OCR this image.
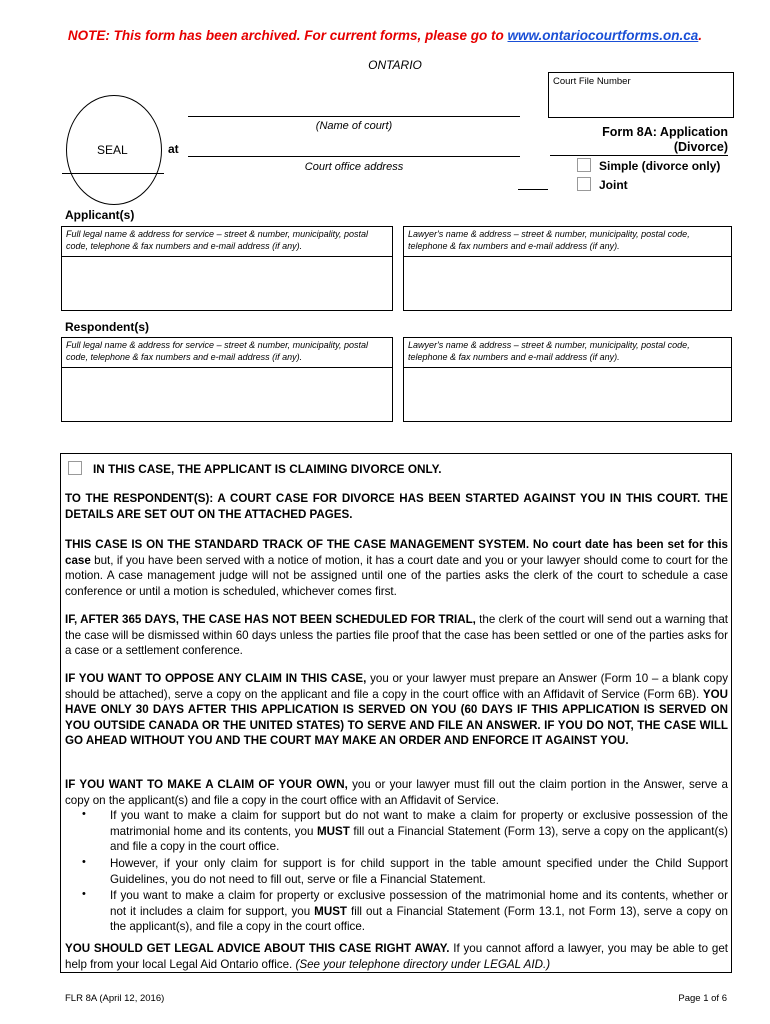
NOTE: This form has been archived. For current forms, please go to www.ontariocourtforms.on.ca.
ONTARIO
Court File Number
SEAL	at
(Name of court)
Court office address
Form 8A: Application
(Divorce)
Simple (divorce only)
Joint
Applicant(s)
Full legal name & address for service – street & number, municipality, postal code, telephone & fax numbers and e-mail address (if any).
Lawyer's name & address – street & number, municipality, postal code, telephone & fax numbers and e-mail address (if any).
Respondent(s)
Full legal name & address for service – street & number, municipality, postal code, telephone & fax numbers and e-mail address (if any).
Lawyer's name & address – street & number, municipality, postal code, telephone & fax numbers and e-mail address (if any).
IN THIS CASE, THE APPLICANT IS CLAIMING DIVORCE ONLY.
TO THE RESPONDENT(S): A COURT CASE FOR DIVORCE HAS BEEN STARTED AGAINST YOU IN THIS COURT. THE DETAILS ARE SET OUT ON THE ATTACHED PAGES.
THIS CASE IS ON THE STANDARD TRACK OF THE CASE MANAGEMENT SYSTEM. No court date has been set for this case but, if you have been served with a notice of motion, it has a court date and you or your lawyer should come to court for the motion. A case management judge will not be assigned until one of the parties asks the clerk of the court to schedule a case conference or until a motion is scheduled, whichever comes first.
IF, AFTER 365 DAYS, THE CASE HAS NOT BEEN SCHEDULED FOR TRIAL, the clerk of the court will send out a warning that the case will be dismissed within 60 days unless the parties file proof that the case has been settled or one of the parties asks for a case or a settlement conference.
IF YOU WANT TO OPPOSE ANY CLAIM IN THIS CASE, you or your lawyer must prepare an Answer (Form 10 – a blank copy should be attached), serve a copy on the applicant and file a copy in the court office with an Affidavit of Service (Form 6B). YOU HAVE ONLY 30 DAYS AFTER THIS APPLICATION IS SERVED ON YOU (60 DAYS IF THIS APPLICATION IS SERVED ON YOU OUTSIDE CANADA OR THE UNITED STATES) TO SERVE AND FILE AN ANSWER. IF YOU DO NOT, THE CASE WILL GO AHEAD WITHOUT YOU AND THE COURT MAY MAKE AN ORDER AND ENFORCE IT AGAINST YOU.
IF YOU WANT TO MAKE A CLAIM OF YOUR OWN, you or your lawyer must fill out the claim portion in the Answer, serve a copy on the applicant(s) and file a copy in the court office with an Affidavit of Service.
• If you want to make a claim for support but do not want to make a claim for property or exclusive possession of the matrimonial home and its contents, you MUST fill out a Financial Statement (Form 13), serve a copy on the applicant(s) and file a copy in the court office.
• However, if your only claim for support is for child support in the table amount specified under the Child Support Guidelines, you do not need to fill out, serve or file a Financial Statement.
• If you want to make a claim for property or exclusive possession of the matrimonial home and its contents, whether or not it includes a claim for support, you MUST fill out a Financial Statement (Form 13.1, not Form 13), serve a copy on the applicant(s), and file a copy in the court office.
YOU SHOULD GET LEGAL ADVICE ABOUT THIS CASE RIGHT AWAY. If you cannot afford a lawyer, you may be able to get help from your local Legal Aid Ontario office. (See your telephone directory under LEGAL AID.)
FLR 8A (April 12, 2016)	Page 1 of 6
